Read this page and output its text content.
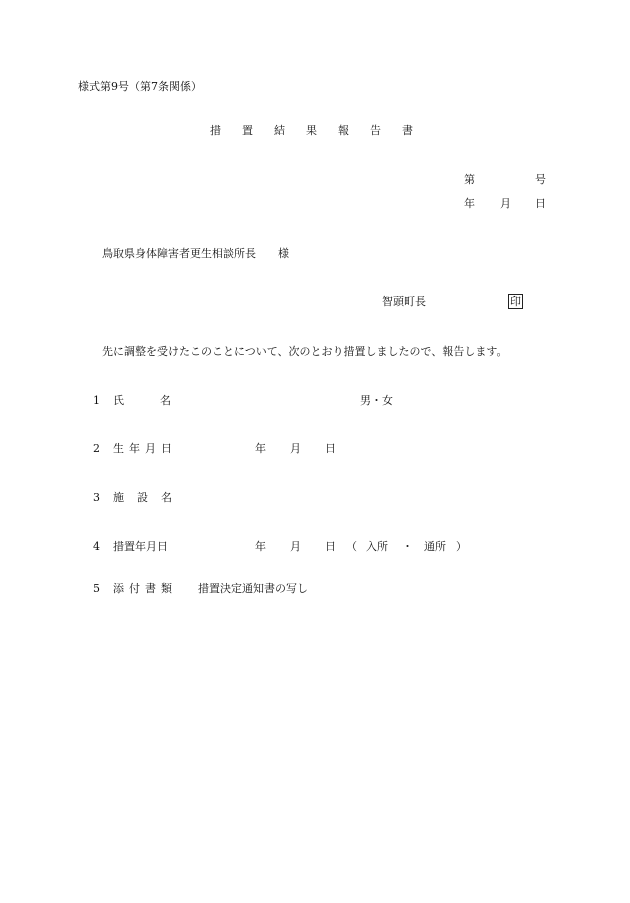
様式第9号（第7条関係）
措 置 結 果 報 告 書
第	号
年 月 日
鳥取県身体障害者更生相談所長 様
智頭町長	印
先に調整を受けたこのことについて、次のとおり措置しましたので、報告します。
1 氏	名	男・女
2 生 年 月 日	年 月 日
3 施 設 名
4 措置年月日	年 月 日 （ 入所 ・ 通所 ）
5 添 付 書 類 措置決定通知書の写し
